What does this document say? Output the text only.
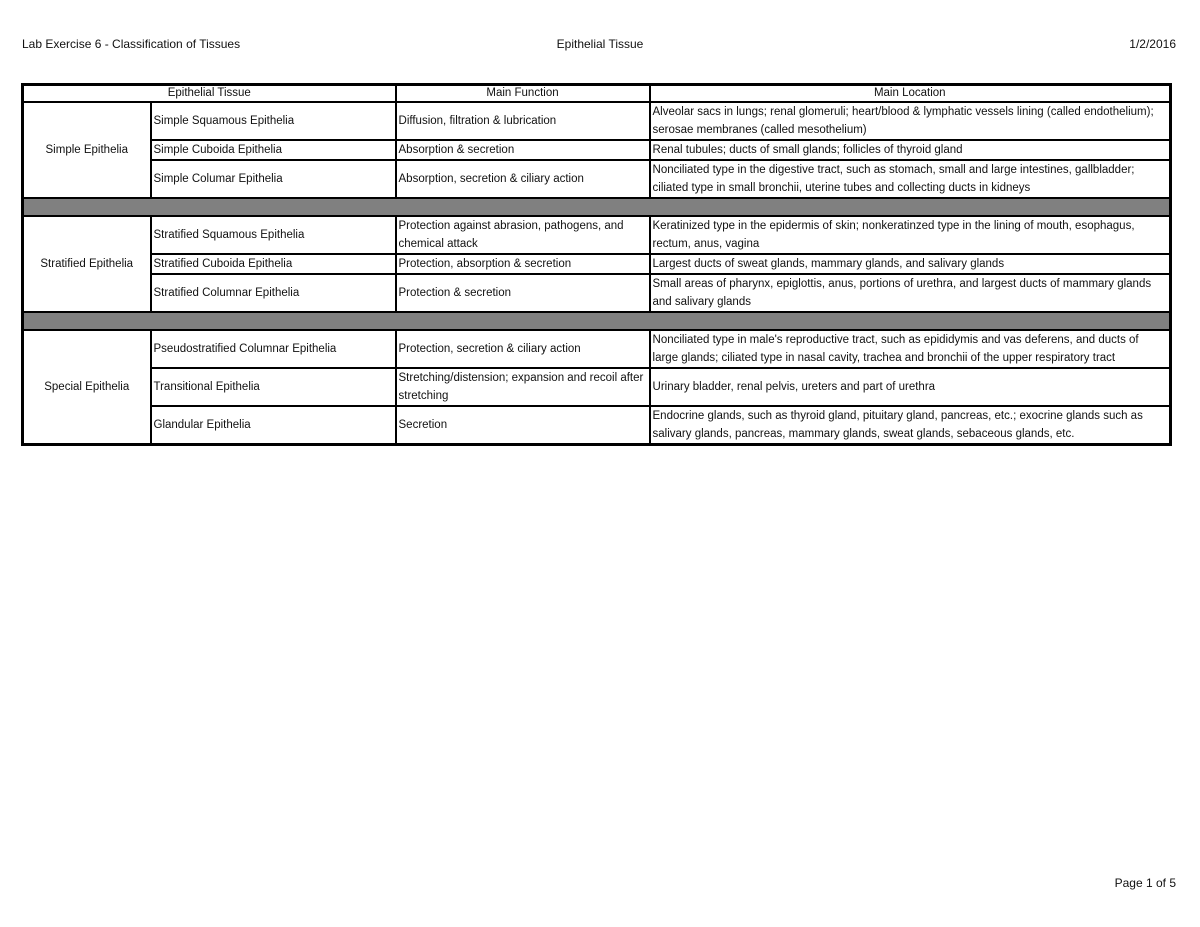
Lab Exercise 6 - Classification of Tissues	Epithelial Tissue	1/2/2016
Epithelial Tissue		Main Function	Main Location
Simple Epithelia	Simple Squamous Epithelia	Diffusion, filtration & lubrication	Alveolar sacs in lungs; renal glomeruli; heart/blood & lymphatic vessels lining (called endothelium); serosae membranes (called mesothelium)
	Simple Cuboida Epithelia	Absorption & secretion	Renal tubules; ducts of small glands; follicles of thyroid gland
	Simple Columar Epithelia	Absorption, secretion & ciliary action	Nonciliated type in the digestive tract, such as stomach, small and large intestines, gallbladder; ciliated type in small bronchii, uterine tubes and collecting ducts in kidneys

Stratified Epithelia	Stratified Squamous Epithelia	Protection against abrasion, pathogens, and chemical attack	Keratinized type in the epidermis of skin; nonkeratinzed type in the lining of mouth, esophagus, rectum, anus, vagina
	Stratified Cuboida Epithelia	Protection, absorption & secretion	Largest ducts of sweat glands, mammary glands, and salivary glands
	Stratified Columnar Epithelia	Protection & secretion	Small areas of pharynx, epiglottis, anus, portions of urethra, and largest ducts of mammary glands and salivary glands

Special Epithelia	Pseudostratified Columnar Epithelia	Protection, secretion & ciliary action	Nonciliated type in male's reproductive tract, such as epididymis and vas deferens, and ducts of large glands; ciliated type in nasal cavity, trachea and bronchii of the upper respiratory tract
	Transitional Epithelia	Stretching/distension; expansion and recoil after stretching	Urinary bladder, renal pelvis, ureters and part of urethra
	Glandular Epithelia	Secretion	Endocrine glands, such as thyroid gland, pituitary gland, pancreas, etc.; exocrine glands such as salivary glands, pancreas, mammary glands, sweat glands, sebaceous glands, etc.
Page 1 of 5
